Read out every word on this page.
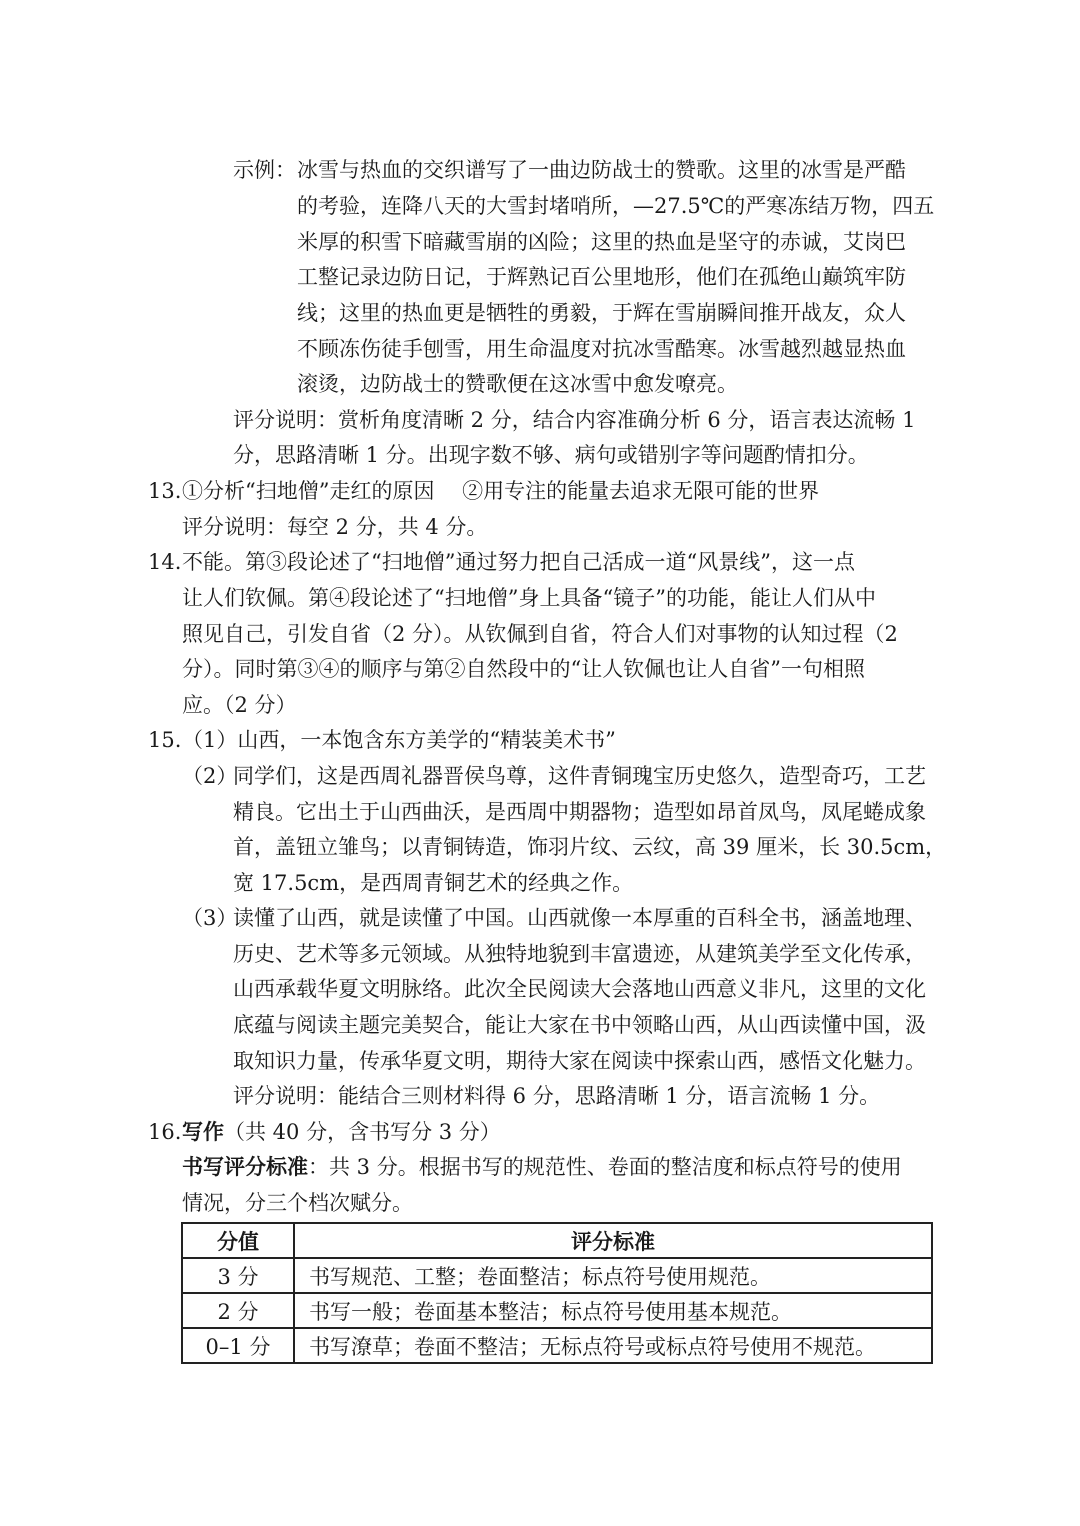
示例： 冰雪与热血的交织谱写了一曲边防战士的赞歌。这里的冰雪是严酷
的考验，连降八天的大雪封堵哨所，—27.5℃的严寒冻结万物，四五
米厚的积雪下暗藏雪崩的凶险；这里的热血是坚守的赤诚，艾岗巴
工整记录边防日记，于辉熟记百公里地形，他们在孤绝山巅筑牢防
线；这里的热血更是牺牲的勇毅，于辉在雪崩瞬间推开战友，众人
不顾冻伤徒手刨雪，用生命温度对抗冰雪酷寒。冰雪越烈越显热血
滚烫，边防战士的赞歌便在这冰雪中愈发嘹亮。
评分说明：赏析角度清晰 2 分，结合内容准确分析 6 分，语言表达流畅 1
分，思路清晰 1 分。出现字数不够、病句或错别字等问题酌情扣分。
13. ①分析“扫地僧”走红的原因　 ②用专注的能量去追求无限可能的世界
评分说明：每空 2 分，共 4 分。
14. 不能。第③段论述了“扫地僧”通过努力把自己活成一道“风景线”，这一点
让人们钦佩。第④段论述了“扫地僧”身上具备“镜子”的功能，能让人们从中
照见自己，引发自省（2 分）。从钦佩到自省，符合人们对事物的认知过程（2
分）。同时第③④的顺序与第②自然段中的“让人钦佩也让人自省”一句相照
应。（2 分）
15. （1）山西，一本饱含东方美学的“精装美术书”
（2）
同学们，这是西周礼器晋侯鸟尊，这件青铜瑰宝历史悠久，造型奇巧，工艺
精良。它出土于山西曲沃，是西周中期器物；造型如昂首凤鸟，凤尾蜷成象
首，盖钮立雏鸟；以青铜铸造，饰羽片纹、云纹，高 39 厘米，长 30.5cm，
宽 17.5cm，是西周青铜艺术的经典之作。
（3）
读懂了山西，就是读懂了中国。山西就像一本厚重的百科全书，涵盖地理、
历史、艺术等多元领域。从独特地貌到丰富遗迹，从建筑美学至文化传承，
山西承载华夏文明脉络。此次全民阅读大会落地山西意义非凡，这里的文化
底蕴与阅读主题完美契合，能让大家在书中领略山西，从山西读懂中国，汲
取知识力量，传承华夏文明，期待大家在阅读中探索山西，感悟文化魅力。
评分说明：能结合三则材料得 6 分，思路清晰 1 分，语言流畅 1 分。
16. 写作（共 40 分，含书写分 3 分）
书写评分标准：共 3 分。根据书写的规范性、卷面的整洁度和标点符号的使用
情况，分三个档次赋分。
分值	评分标准
3 分	书写规范、工整；卷面整洁；标点符号使用规范。
2 分	书写一般；卷面基本整洁；标点符号使用基本规范。
0–1 分	书写潦草；卷面不整洁；无标点符号或标点符号使用不规范。
